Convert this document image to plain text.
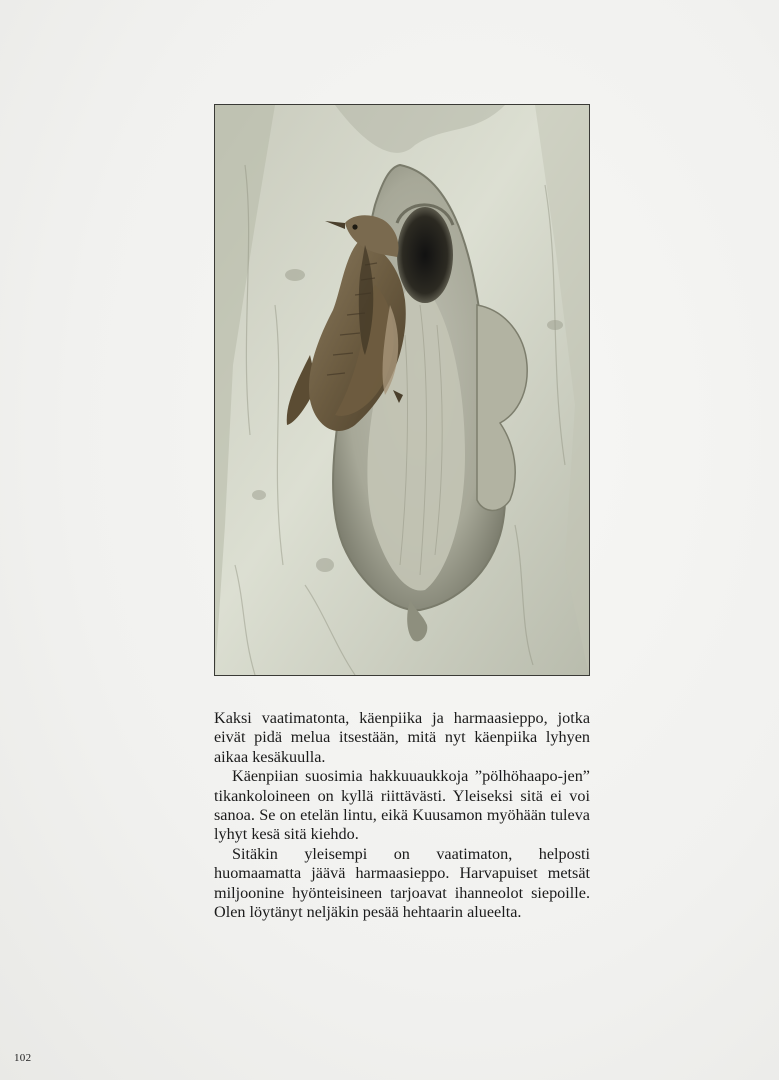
Kaksi vaatimatonta, käenpiika ja harmaasieppo, jotka eivät pidä melua itsestään, mitä nyt käenpiika lyhyen aikaa kesäkuulla.

Käenpiian suosimia hakkuuaukkoja ”pölhöhaapo-jen” tikankoloineen on kyllä riittävästi. Yleiseksi sitä ei voi sanoa. Se on etelän lintu, eikä Kuusamon myöhään tuleva lyhyt kesä sitä kiehdo.

Sitäkin yleisempi on vaatimaton, helposti huomaamatta jäävä harmaasieppo. Harvapuiset metsät miljoonine hyönteisineen tarjoavat ihanneolot siepoille. Olen löytänyt neljäkin pesää hehtaarin alueelta.

102
